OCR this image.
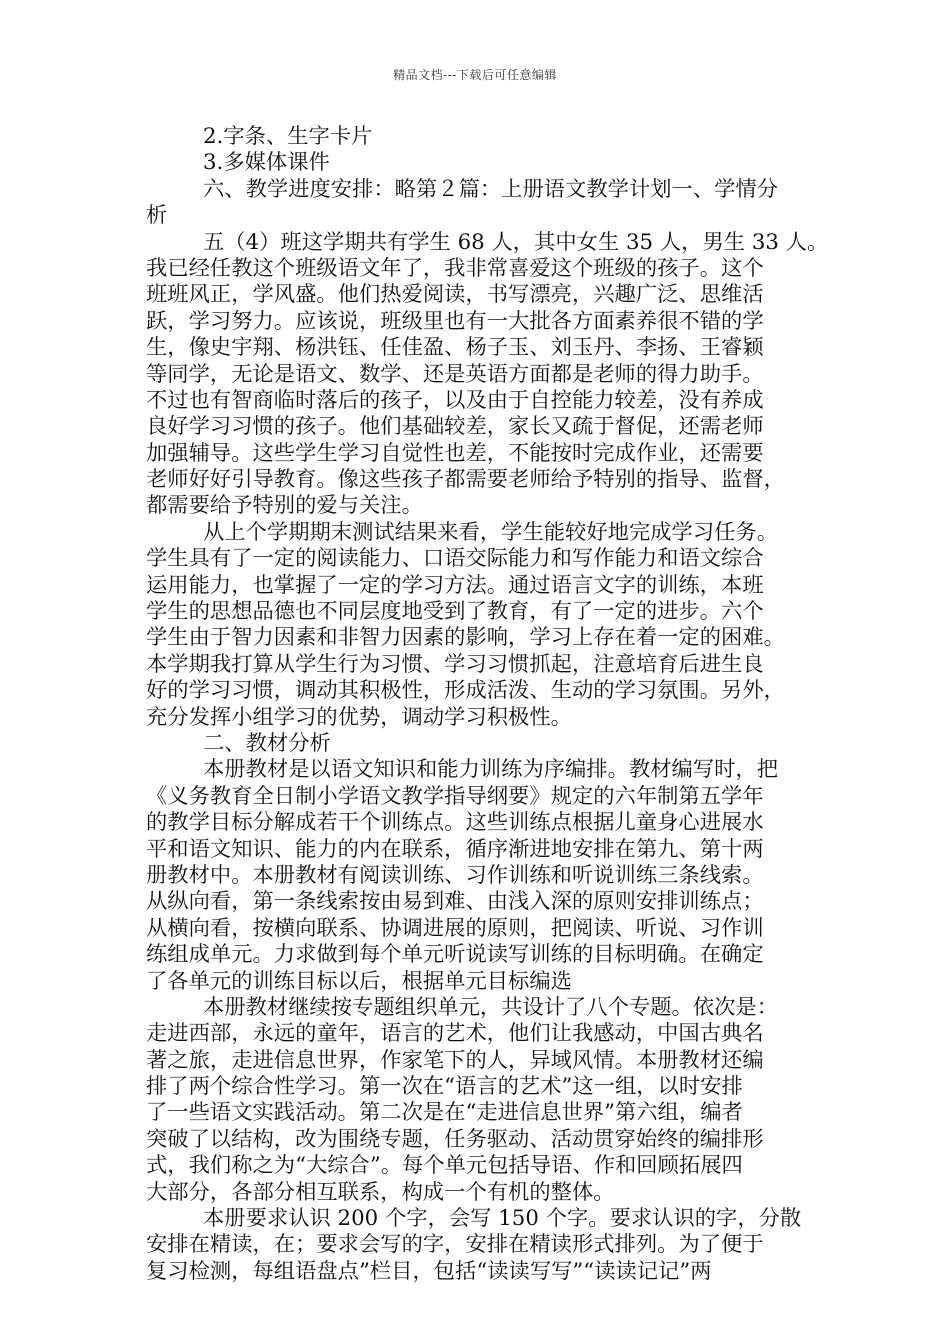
精品文档---下载后可任意编辑
2.字条、生字卡片
3.多媒体课件
六、教学进度安排：略第２篇：上册语文教学计划一、学情分
析
五（4）班这学期共有学生 68 人，其中女生 35 人，男生 33 人。
我已经任教这个班级语文年了，我非常喜爱这个班级的孩子。这个
班班风正，学风盛。他们热爱阅读，书写漂亮，兴趣广泛、思维活
跃，学习努力。应该说，班级里也有一大批各方面素养很不错的学
生，像史宇翔、杨洪钰、任佳盈、杨子玉、刘玉丹、李扬、王睿颖
等同学，无论是语文、数学、还是英语方面都是老师的得力助手。
不过也有智商临时落后的孩子，以及由于自控能力较差，没有养成
良好学习习惯的孩子。他们基础较差，家长又疏于督促，还需老师
加强辅导。这些学生学习自觉性也差，不能按时完成作业，还需要
老师好好引导教育。像这些孩子都需要老师给予特别的指导、监督，
都需要给予特别的爱与关注。
从上个学期期末测试结果来看，学生能较好地完成学习任务。
学生具有了一定的阅读能力、口语交际能力和写作能力和语文综合
运用能力，也掌握了一定的学习方法。通过语言文字的训练，本班
学生的思想品德也不同层度地受到了教育，有了一定的进步。六个
学生由于智力因素和非智力因素的影响，学习上存在着一定的困难。
本学期我打算从学生行为习惯、学习习惯抓起，注意培育后进生良
好的学习习惯，调动其积极性，形成活泼、生动的学习氛围。另外，
充分发挥小组学习的优势，调动学习积极性。
二、教材分析
本册教材是以语文知识和能力训练为序编排。教材编写时，把
《义务教育全日制小学语文教学指导纲要》规定的六年制第五学年
的教学目标分解成若干个训练点。这些训练点根据儿童身心进展水
平和语文知识、能力的内在联系，循序渐进地安排在第九、第十两
册教材中。本册教材有阅读训练、习作训练和听说训练三条线索。
从纵向看，第一条线索按由易到难、由浅入深的原则安排训练点；
从横向看，按横向联系、协调进展的原则，把阅读、听说、习作训
练组成单元。力求做到每个单元听说读写训练的目标明确。在确定
了各单元的训练目标以后，根据单元目标编选
本册教材继续按专题组织单元，共设计了八个专题。依次是：
走进西部，永远的童年，语言的艺术，他们让我感动，中国古典名
著之旅，走进信息世界，作家笔下的人，异域风情。本册教材还编
排了两个综合性学习。第一次在“语言的艺术”这一组，以时安排
了一些语文实践活动。第二次是在“走进信息世界”第六组，编者
突破了以结构，改为围绕专题，任务驱动、活动贯穿始终的编排形
式，我们称之为“大综合”。每个单元包括导语、作和回顾拓展四
大部分，各部分相互联系，构成一个有机的整体。
本册要求认识 200 个字，会写 150 个字。要求认识的字，分散
安排在精读，在；要求会写的字，安排在精读形式排列。为了便于
复习检测，每组语盘点”栏目，包括“读读写写”“读读记记”两
